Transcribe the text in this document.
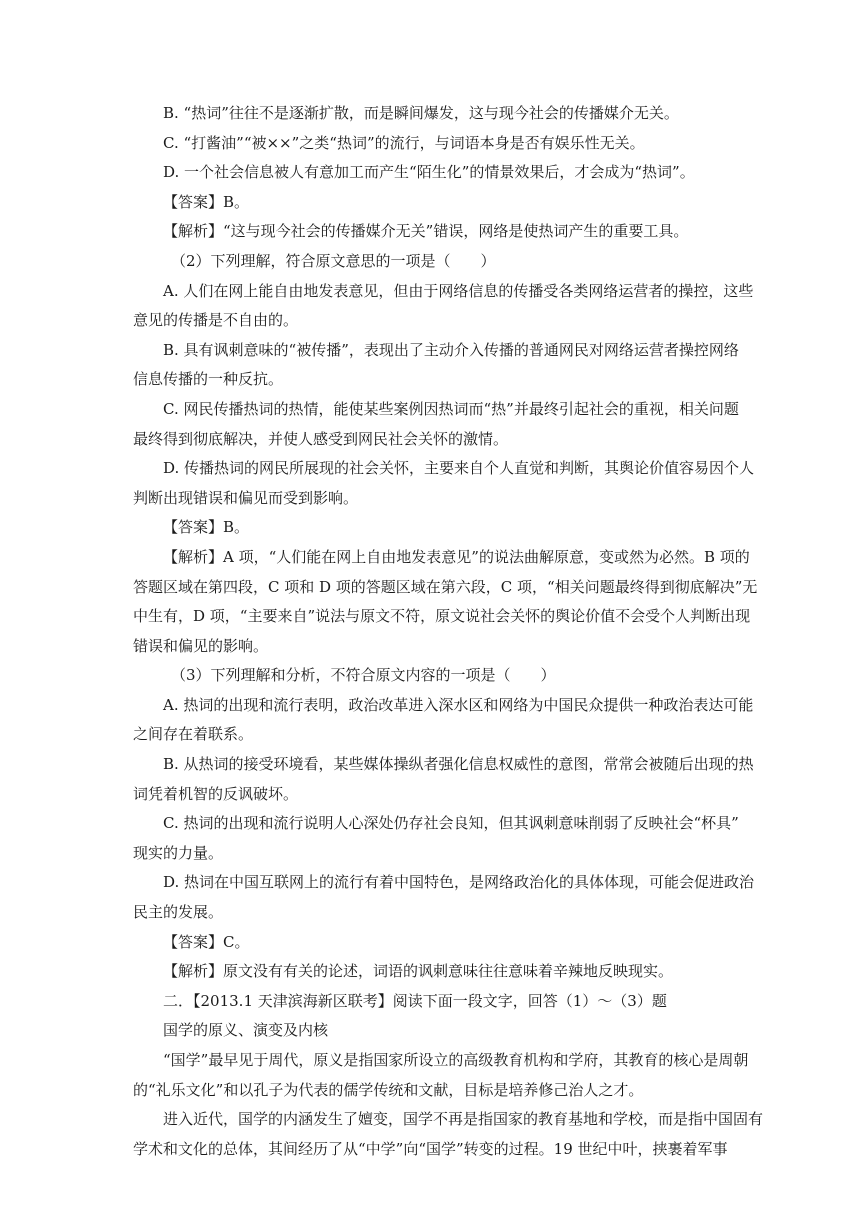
B. “热词”往往不是逐渐扩散，而是瞬间爆发，这与现今社会的传播媒介无关。
C. “打酱油”“被××”之类“热词”的流行，与词语本身是否有娱乐性无关。
D. 一个社会信息被人有意加工而产生“陌生化”的情景效果后，才会成为“热词”。
【答案】B。
【解析】“这与现今社会的传播媒介无关”错误，网络是使热词产生的重要工具。
（2）下列理解，符合原文意思的一项是（　　）
A. 人们在网上能自由地发表意见，但由于网络信息的传播受各类网络运营者的操控，这些
意见的传播是不自由的。
B. 具有讽刺意味的“被传播”，表现出了主动介入传播的普通网民对网络运营者操控网络
信息传播的一种反抗。
C. 网民传播热词的热情，能使某些案例因热词而“热”并最终引起社会的重视，相关问题
最终得到彻底解决，并使人感受到网民社会关怀的激情。
D. 传播热词的网民所展现的社会关怀，主要来自个人直觉和判断，其舆论价值容易因个人
判断出现错误和偏见而受到影响。
【答案】B。
【解析】A 项，“人们能在网上自由地发表意见”的说法曲解原意，变或然为必然。B 项的
答题区域在第四段，C 项和 D 项的答题区域在第六段，C 项，“相关问题最终得到彻底解决”无
中生有，D 项，“主要来自”说法与原文不符，原文说社会关怀的舆论价值不会受个人判断出现
错误和偏见的影响。
（3）下列理解和分析，不符合原文内容的一项是（　　）
A. 热词的出现和流行表明，政治改革进入深水区和网络为中国民众提供一种政治表达可能
之间存在着联系。
B. 从热词的接受环境看，某些媒体操纵者强化信息权威性的意图，常常会被随后出现的热
词凭着机智的反讽破坏。
C. 热词的出现和流行说明人心深处仍存社会良知，但其讽刺意味削弱了反映社会“杯具”
现实的力量。
D. 热词在中国互联网上的流行有着中国特色，是网络政治化的具体体现，可能会促进政治
民主的发展。
【答案】C。
【解析】原文没有有关的论述，词语的讽刺意味往往意味着辛辣地反映现实。
二．【2013.1 天津滨海新区联考】阅读下面一段文字，回答（1）～（3）题
国学的原义、演变及内核
“国学”最早见于周代，原义是指国家所设立的高级教育机构和学府，其教育的核心是周朝
的“礼乐文化”和以孔子为代表的儒学传统和文献，目标是培养修己治人之才。
进入近代，国学的内涵发生了嬗变，国学不再是指国家的教育基地和学校，而是指中国固有
学术和文化的总体，其间经历了从“中学”向“国学”转变的过程。19 世纪中叶，挟裹着军事
